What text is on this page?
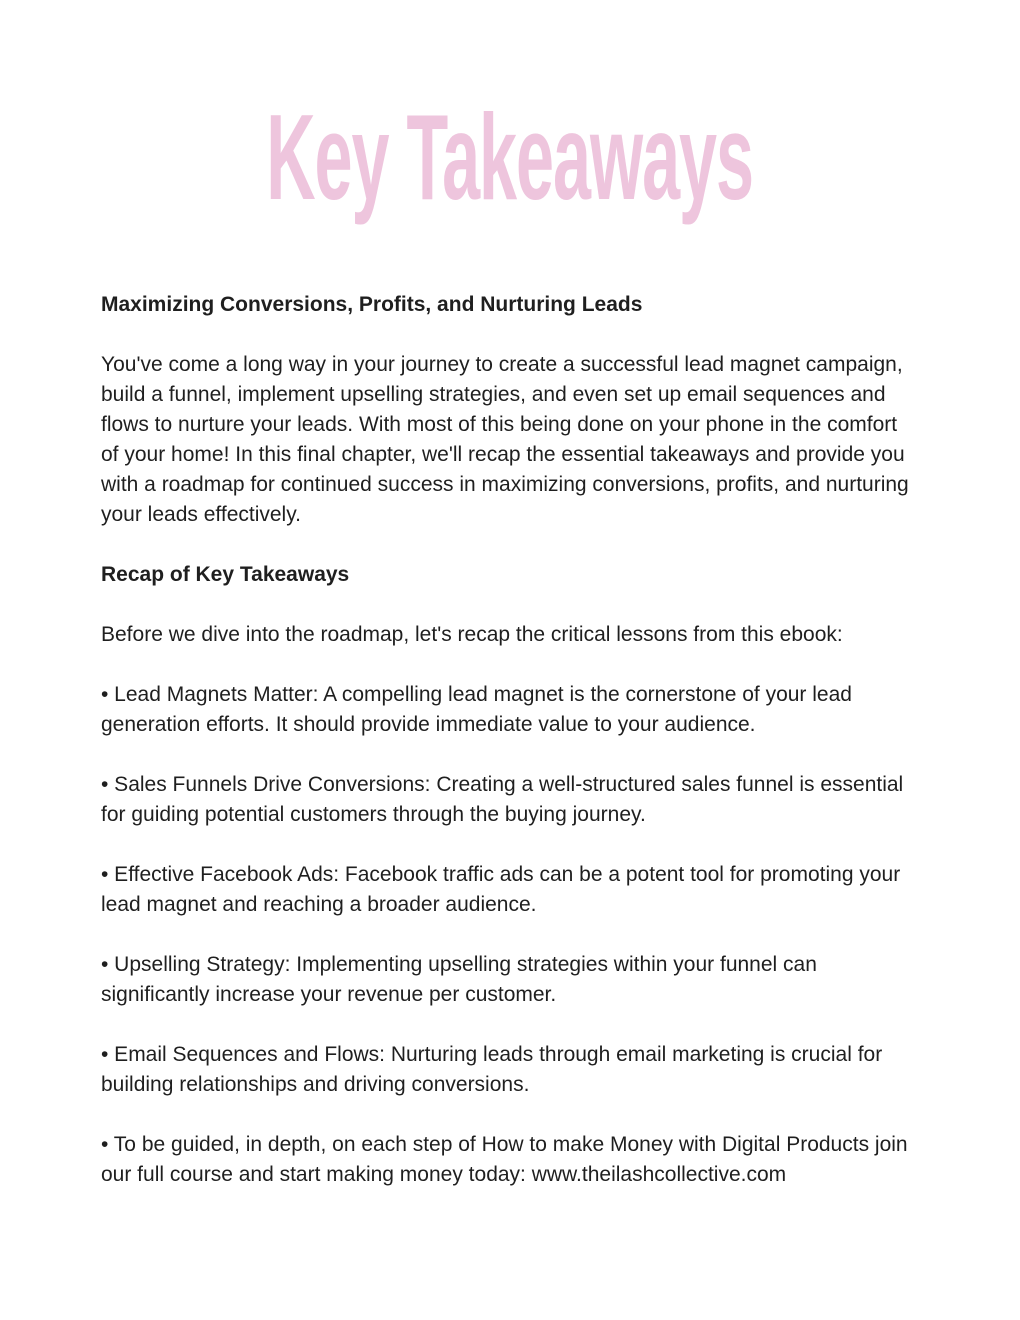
Key Takeaways

Maximizing Conversions, Profits, and Nurturing Leads

You've come a long way in your journey to create a successful lead magnet campaign, build a funnel, implement upselling strategies, and even set up email sequences and flows to nurture your leads. With most of this being done on your phone in the comfort of your home! In this final chapter, we'll recap the essential takeaways and provide you with a roadmap for continued success in maximizing conversions, profits, and nurturing your leads effectively.

Recap of Key Takeaways

Before we dive into the roadmap, let's recap the critical lessons from this ebook:

• Lead Magnets Matter: A compelling lead magnet is the cornerstone of your lead generation efforts. It should provide immediate value to your audience.

• Sales Funnels Drive Conversions: Creating a well-structured sales funnel is essential for guiding potential customers through the buying journey.

• Effective Facebook Ads: Facebook traffic ads can be a potent tool for promoting your lead magnet and reaching a broader audience.

• Upselling Strategy: Implementing upselling strategies within your funnel can significantly increase your revenue per customer.

• Email Sequences and Flows: Nurturing leads through email marketing is crucial for building relationships and driving conversions.

• To be guided, in depth, on each step of How to make Money with Digital Products join our full course and start making money today: www.theilashcollective.com
